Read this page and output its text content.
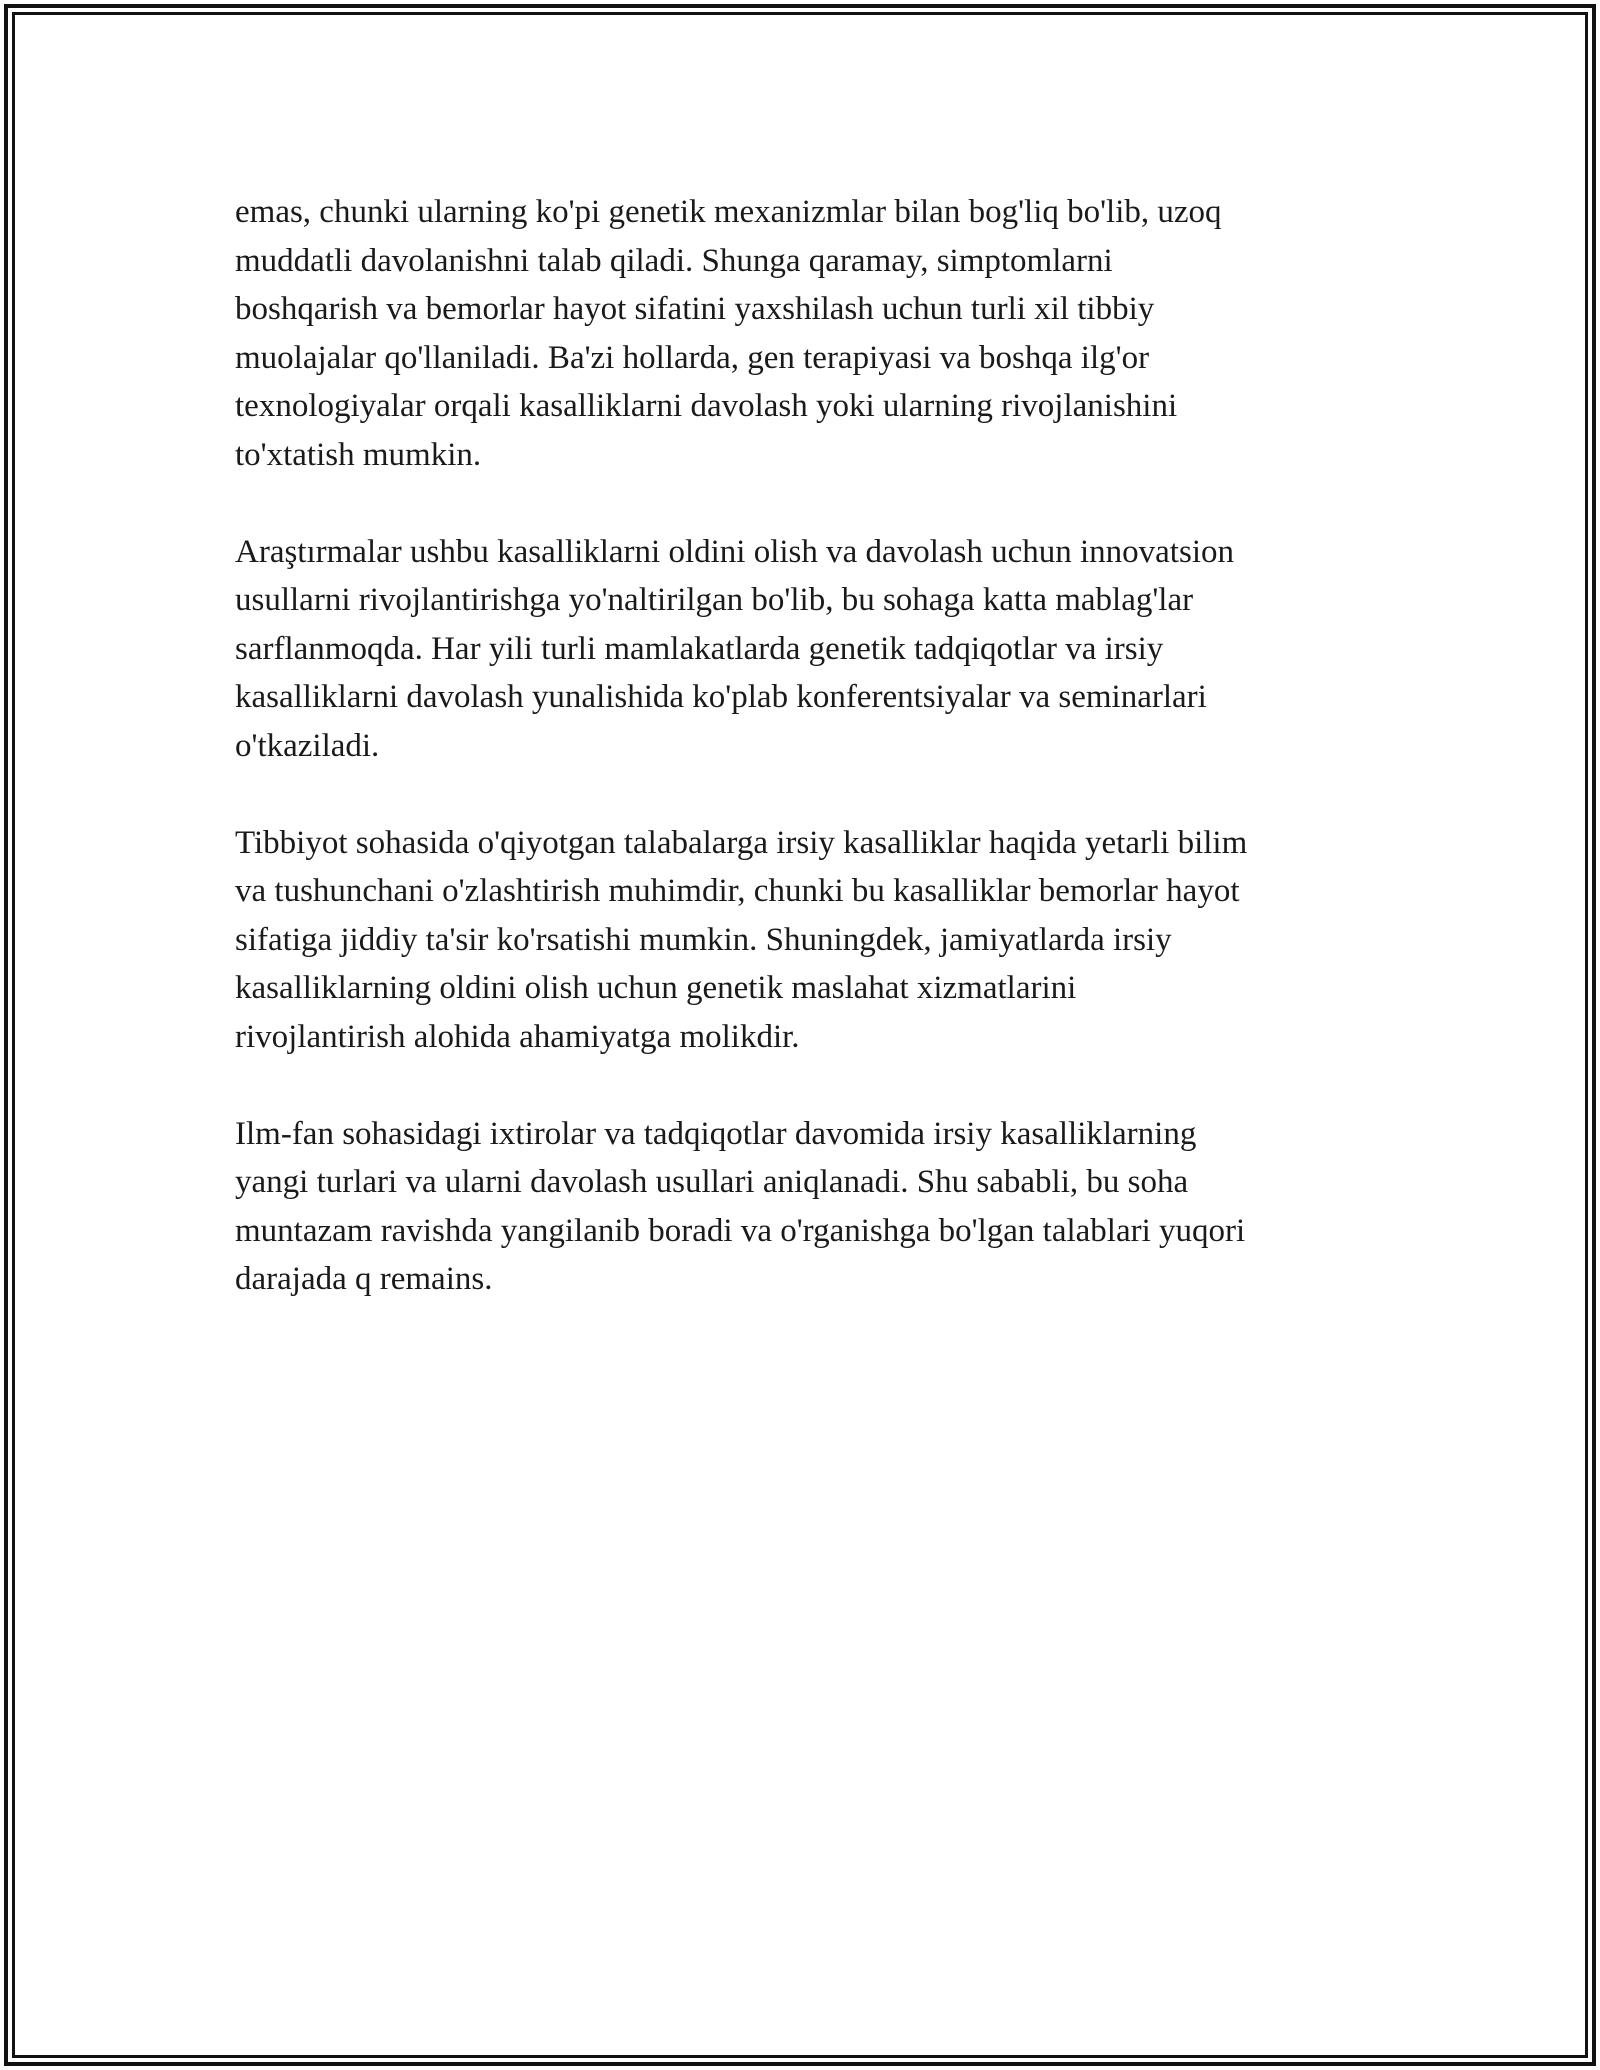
emas, chunki ularning ko'pi genetik mexanizmlar bilan bog'liq bo'lib, uzoq
muddatli davolanishni talab qiladi. Shunga qaramay, simptomlarni
boshqarish va bemorlar hayot sifatini yaxshilash uchun turli xil tibbiy
muolajalar qo'llaniladi. Ba'zi hollarda, gen terapiyasi va boshqa ilg'or
texnologiyalar orqali kasalliklarni davolash yoki ularning rivojlanishini
to'xtatish mumkin.

Araştırmalar ushbu kasalliklarni oldini olish va davolash uchun innovatsion
usullarni rivojlantirishga yo'naltirilgan bo'lib, bu sohaga katta mablag'lar
sarflanmoqda. Har yili turli mamlakatlarda genetik tadqiqotlar va irsiy
kasalliklarni davolash yunalishida ko'plab konferentsiyalar va seminarlari
o'tkaziladi.

Tibbiyot sohasida o'qiyotgan talabalarga irsiy kasalliklar haqida yetarli bilim
va tushunchani o'zlashtirish muhimdir, chunki bu kasalliklar bemorlar hayot
sifatiga jiddiy ta'sir ko'rsatishi mumkin. Shuningdek, jamiyatlarda irsiy
kasalliklarning oldini olish uchun genetik maslahat xizmatlarini
rivojlantirish alohida ahamiyatga molikdir.

Ilm-fan sohasidagi ixtirolar va tadqiqotlar davomida irsiy kasalliklarning
yangi turlari va ularni davolash usullari aniqlanadi. Shu sababli, bu soha
muntazam ravishda yangilanib boradi va o'rganishga bo'lgan talablari yuqori
darajada q remains.
